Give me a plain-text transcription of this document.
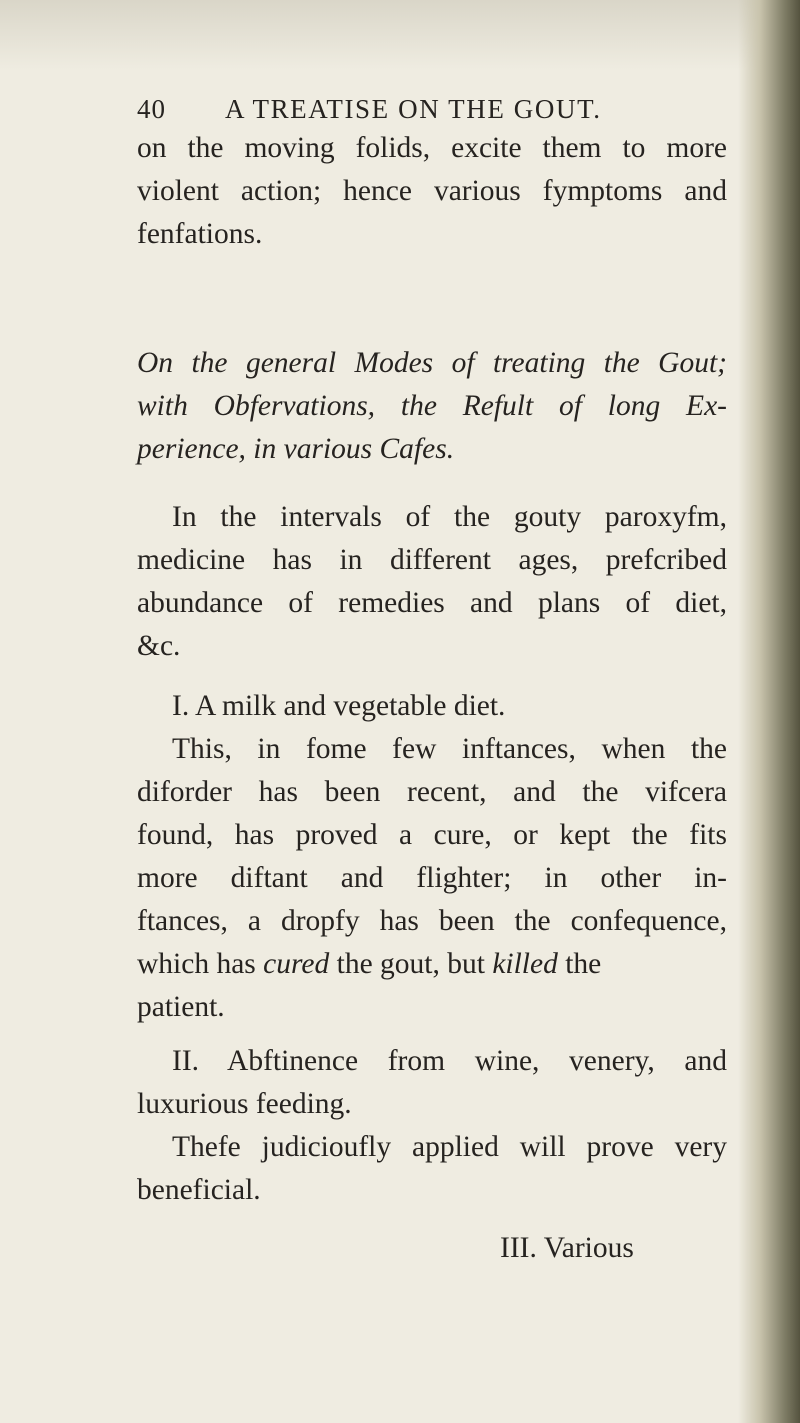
40 A TREATISE ON THE GOUT.
on the moving folids, excite them to more
violent action; hence various fymptoms and
fenfations.
On the general Modes of treating the Gout;
with Obfervations, the Refult of long Ex-
perience, in various Cafes.
In the intervals of the gouty paroxyfm,
medicine has in different ages, prefcribed
abundance of remedies and plans of diet,
&c.
I. A milk and vegetable diet.
This, in fome few inftances, when the
diforder has been recent, and the vifcera
found, has proved a cure, or kept the fits
more diftant and flighter; in other in-
ftances, a dropfy has been the confequence,
which has cured the gout, but killed the
patient.
II. Abftinence from wine, venery, and
luxurious feeding.
Thefe judicioufly applied will prove very
beneficial.
III. Various
